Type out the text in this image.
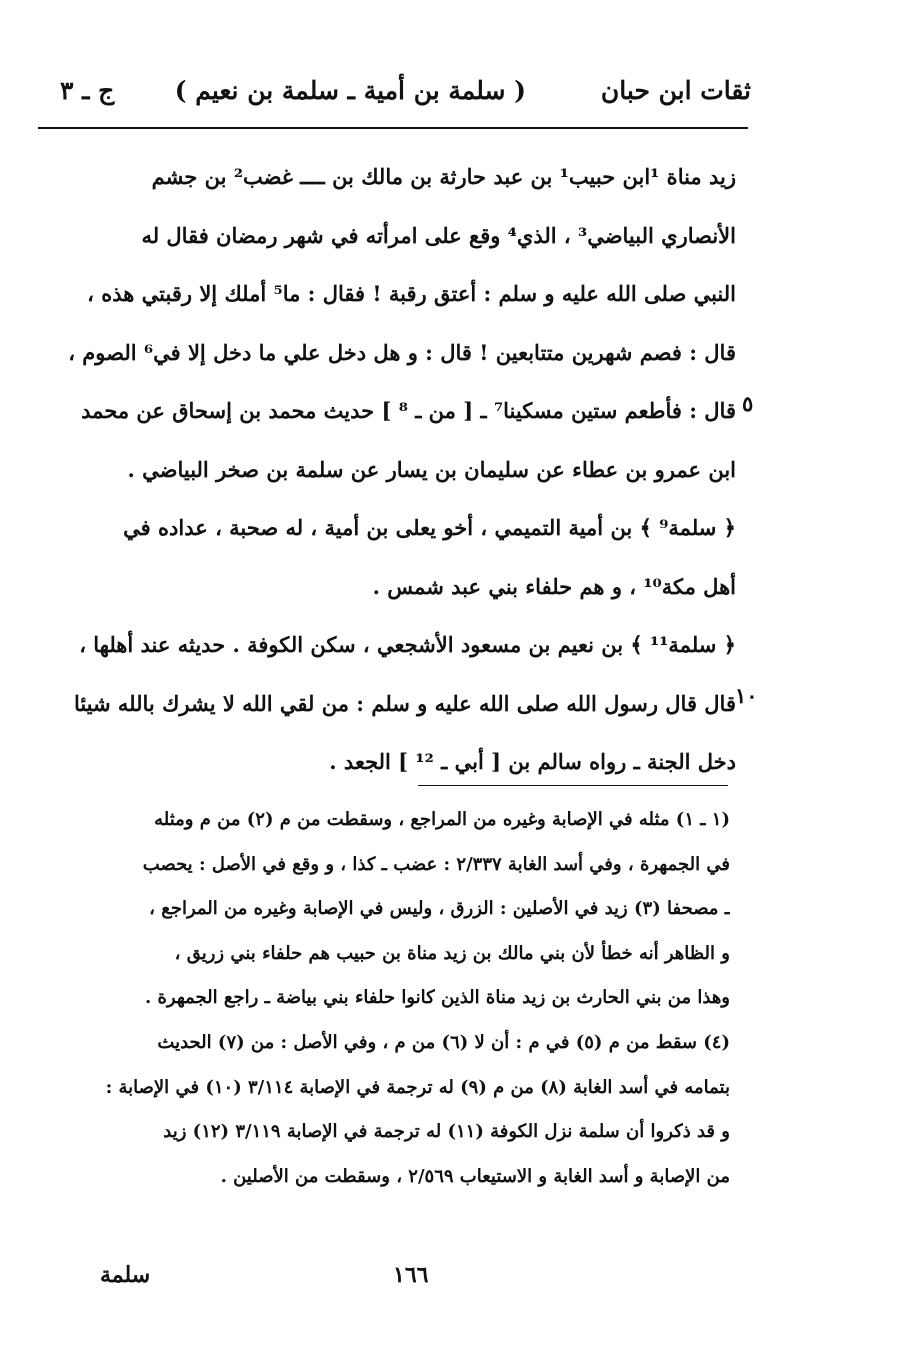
ثقات ابن حبان
( سلمة بن أمية ـ سلمة بن نعيم )
ج ـ ٣
زيد مناة ¹ابن حبيب¹ بن عبد حارثة بن مالك بن ــــ غضب² بن جشم
الأنصاري البياضي³ ، الذي⁴ وقع على امرأته في شهر رمضان فقال له
النبي صلى الله عليه و سلم : أعتق رقبة ! فقال : ما⁵ أملك إلا رقبتي هذه ،
قال : فصم شهرين متتابعين ! قال : و هل دخل علي ما دخل إلا في⁶ الصوم ،
قال : فأطعم ستين مسكينا⁷ ـ [ من ـ ⁸ ] حديث محمد بن إسحاق عن محمد
ابن عمرو بن عطاء عن سليمان بن يسار عن سلمة بن صخر البياضي .
﴿ سلمة⁹ ﴾ بن أمية التميمي ، أخو يعلى بن أمية ، له صحبة ، عداده في
أهل مكة¹⁰ ، و هم حلفاء بني عبد شمس .
﴿ سلمة¹¹ ﴾ بن نعيم بن مسعود الأشجعي ، سكن الكوفة . حديثه عند أهلها ،
قال قال رسول الله صلى الله عليه و سلم : من لقي الله لا يشرك بالله شيئا
دخل الجنة ـ رواه سالم بن [ أبي ـ ¹² ] الجعد .
٥
١٠
(١ ـ ١) مثله في الإصابة وغيره من المراجع ، وسقطت من م (٢) من م ومثله
في الجمهرة ، وفي أسد الغابة ٢/٣٣٧ : عضب ـ كذا ، و وقع في الأصل : يحصب
ـ مصحفا (٣) زيد في الأصلين : الزرق ، وليس في الإصابة وغيره من المراجع ،
و الظاهر أنه خطأ لأن بني مالك بن زيد مناة بن حبيب هم حلفاء بني زريق ،
وهذا من بني الحارث بن زيد مناة الذين كانوا حلفاء بني بياضة ـ راجع الجمهرة .
(٤) سقط من م (٥) في م : أن لا (٦) من م ، وفي الأصل : من (٧) الحديث
بتمامه في أسد الغابة (٨) من م (٩) له ترجمة في الإصابة ٣/١١٤ (١٠) في الإصابة :
و قد ذكروا أن سلمة نزل الكوفة (١١) له ترجمة في الإصابة ٣/١١٩ (١٢) زيد
من الإصابة و أسد الغابة و الاستيعاب ٢/٥٦٩ ، وسقطت من الأصلين .
١٦٦
سلمة
